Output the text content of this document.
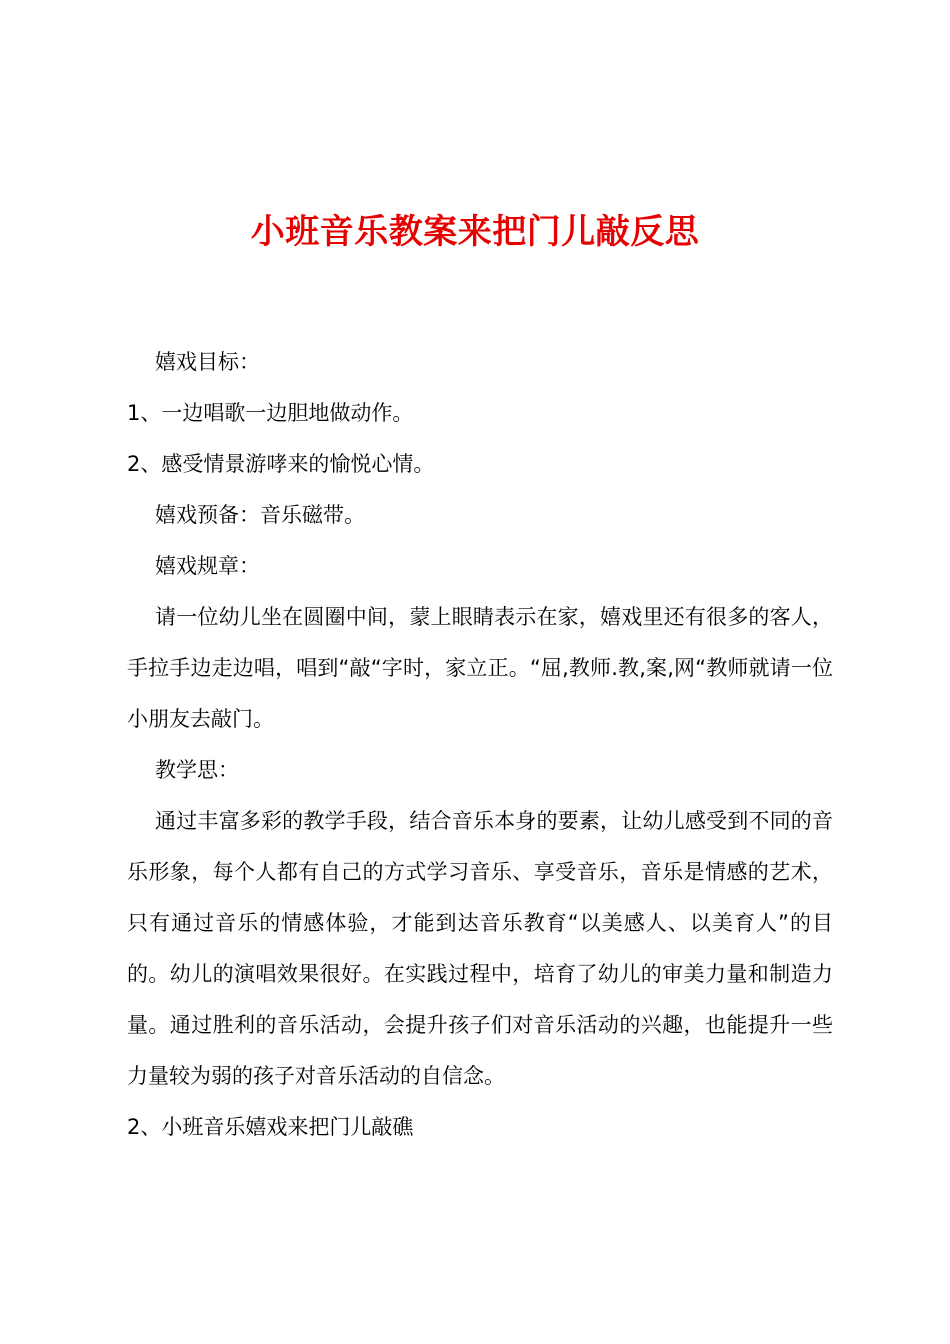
小班音乐教案来把门儿敲反思

嬉戏目标：

1、一边唱歌一边胆地做动作。

2、感受情景游哮来的愉悦心情。

嬉戏预备：音乐磁带。

嬉戏规章：

请一位幼儿坐在圆圈中间，蒙上眼睛表示在家，嬉戏里还有很多的客人，手拉手边走边唱，唱到“敲“字时，家立正。“屈,教师.教,案,网“教师就请一位小朋友去敲门。

教学思：

通过丰富多彩的教学手段，结合音乐本身的要素，让幼儿感受到不同的音乐形象，每个人都有自己的方式学习音乐、享受音乐，音乐是情感的艺术，只有通过音乐的情感体验，才能到达音乐教育“以美感人、以美育人”的目的。幼儿的演唱效果很好。在实践过程中，培育了幼儿的审美力量和制造力量。通过胜利的音乐活动，会提升孩子们对音乐活动的兴趣，也能提升一些力量较为弱的孩子对音乐活动的自信念。

2、小班音乐嬉戏来把门儿敲礁
